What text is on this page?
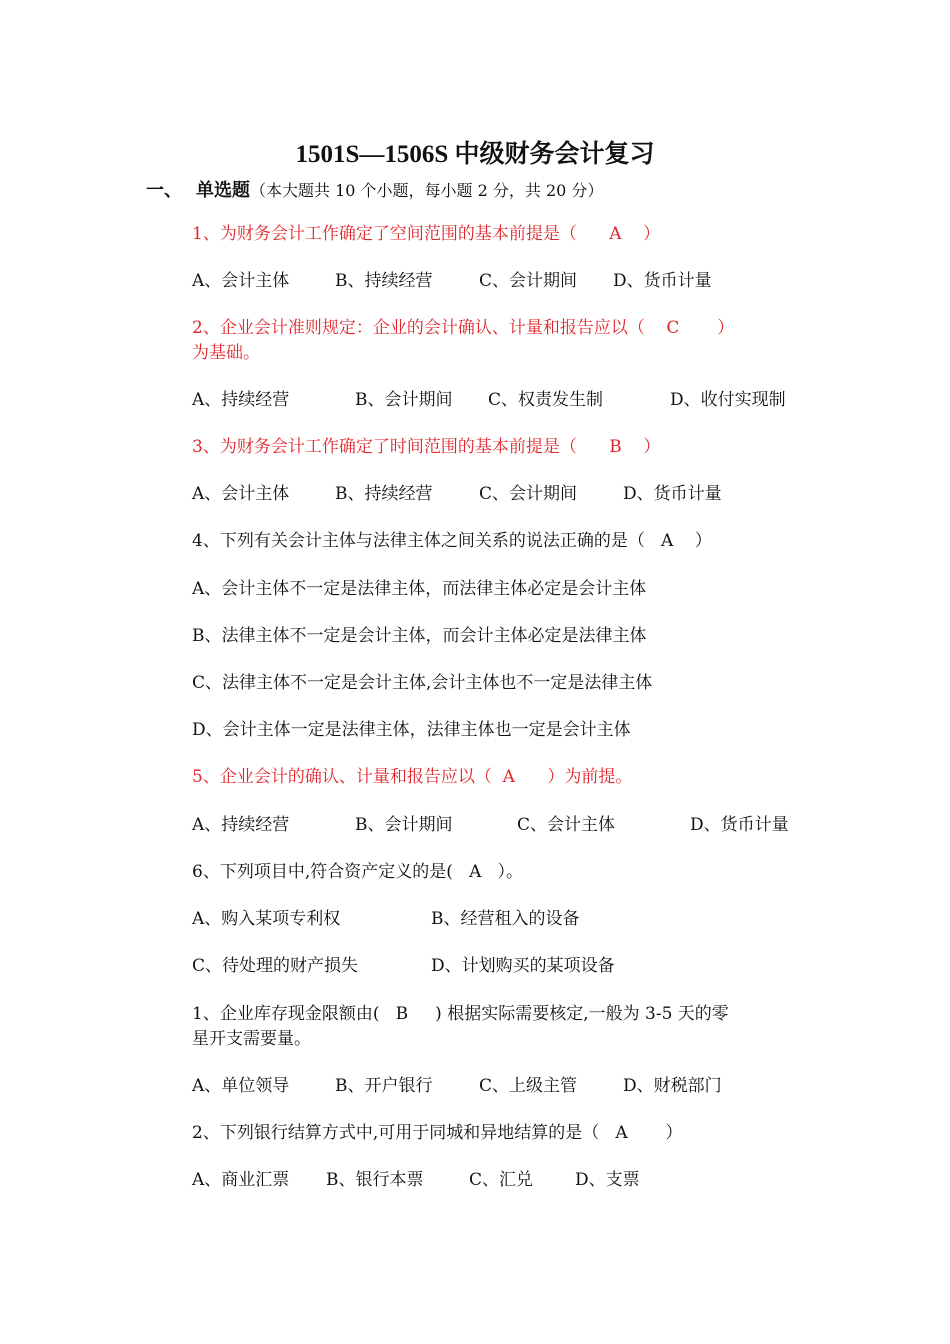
1501S—1506S 中级财务会计复习
一、 单选题（本大题共 10 个小题，每小题 2 分，共 20 分）
1、为财务会计工作确定了空间范围的基本前提是（      A    ）
A、会计主体	B、持续经营	C、会计期间 D、货币计量
2、企业会计准则规定：企业的会计确认、计量和报告应以（    C       ）
为基础。
A、持续经营	B、会计期间 C、权责发生制	D、收付实现制
3、为财务会计工作确定了时间范围的基本前提是（      B    ）
A、会计主体	B、持续经营	C、会计期间	D、货币计量
4、下列有关会计主体与法律主体之间关系的说法正确的是（   A    ）
A、会计主体不一定是法律主体，而法律主体必定是会计主体
B、法律主体不一定是会计主体，而会计主体必定是法律主体
C、法律主体不一定是会计主体,会计主体也不一定是法律主体
D、会计主体一定是法律主体，法律主体也一定是会计主体
5、企业会计的确认、计量和报告应以（  A      ）为前提。
A、持续经营	B、会计期间	C、会计主体	D、货币计量
6、下列项目中,符合资产定义的是(   A   ）。
A、购入某项专利权	B、经营租入的设备
C、待处理的财产损失	D、计划购买的某项设备
1、企业库存现金限额由(   B     ) 根据实际需要核定,一般为 3-5 天的零
星开支需要量。
A、单位领导	B、开户银行	C、上级主管	D、财税部门
2、下列银行结算方式中,可用于同城和异地结算的是（   A       ）
A、商业汇票 B、银行本票	C、汇兑 D、支票
